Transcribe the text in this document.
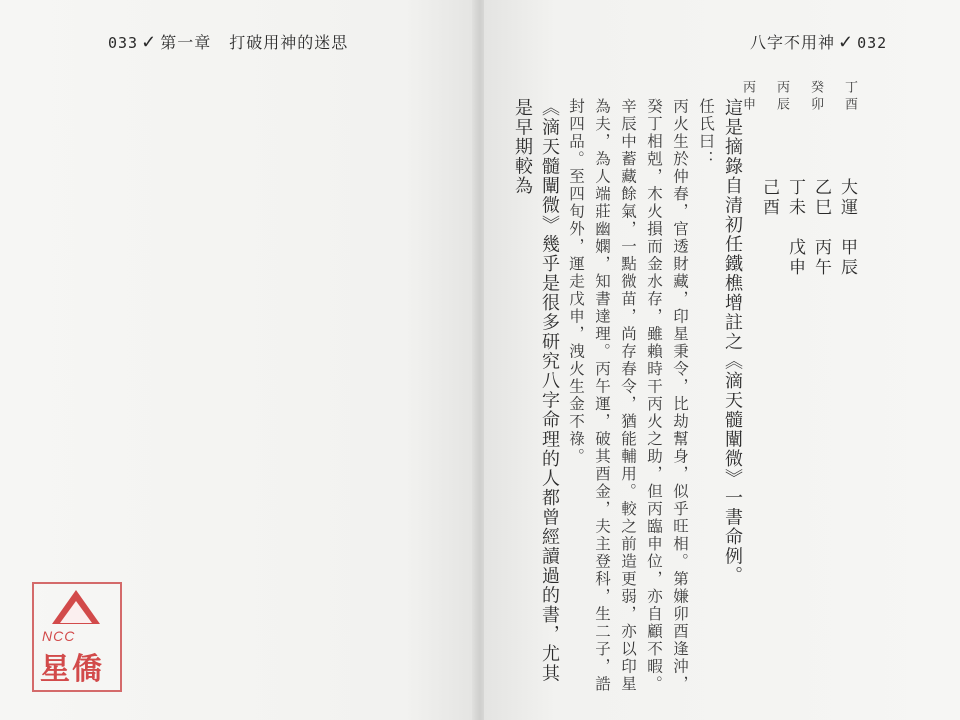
033 ✓ 第一章 打破用神的迷思

NCC
星僑
八字不用神 ✓ 032
丁酉
癸卯
丙辰
丙申
大運　甲辰
乙巳　丙午
丁未　戊申
己酉

這是摘錄自清初任鐵樵增註之《滴天髓闡微》一書命例。

任氏曰：

丙火生於仲春，官透財藏，印星秉令，比劫幫身，似乎旺相。第嫌卯酉逢沖，癸丁相剋，木火損而金水存，雖賴時干丙火之助，但丙臨申位，亦自顧不暇。辛辰中蓄藏餘氣，一點微苗，尚存春令，猶能輔用。較之前造更弱，亦以印星為夫，為人端莊幽嫻，知書達理。丙午運，破其酉金，夫主登科，生二子，誥封四品。至四旬外，運走戊申，洩火生金不祿。

《滴天髓闡微》幾乎是很多研究八字命理的人都曾經讀過的書，尤其是早期較為
